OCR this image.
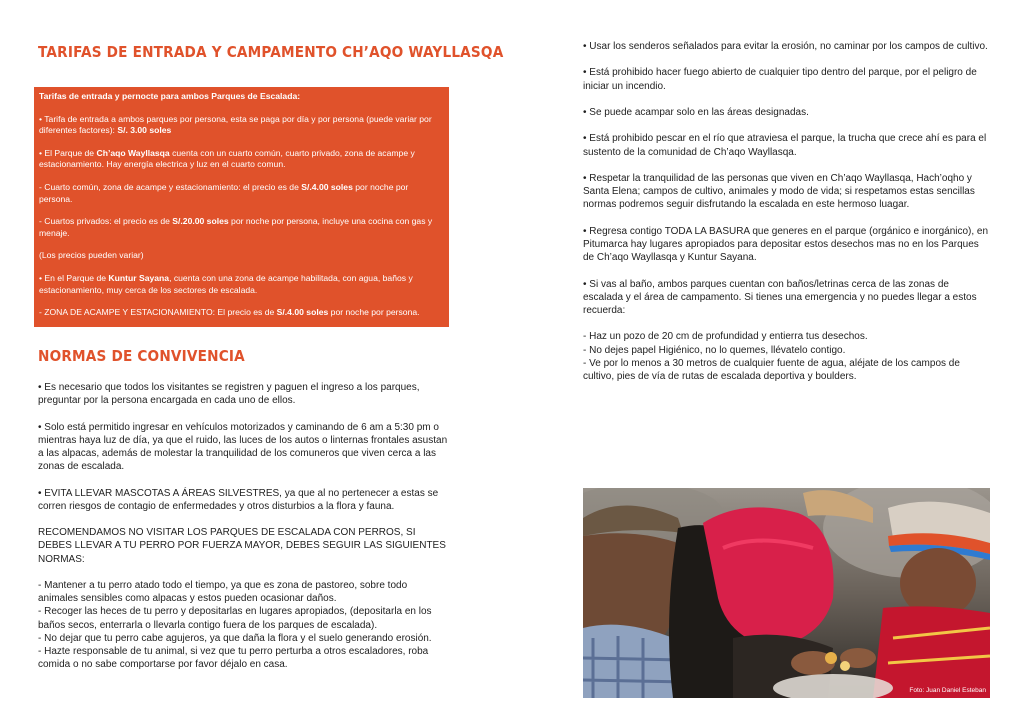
TARIFAS DE ENTRADA Y CAMPAMENTO CH’AQO WAYLLASQA

Tarifas de entrada y pernocte para ambos Parques de Escalada:

• Tarifa de entrada a ambos parques por persona, esta se paga por día y por persona (puede variar por diferentes factores): S/. 3.00 soles

• El Parque de Ch’aqo Wayllasqa cuenta con un cuarto común, cuarto privado, zona de acampe y estacionamiento. Hay energía electrica y luz en el cuarto comun.

- Cuarto común, zona de acampe y estacionamiento: el precio es de S/.4.00 soles por noche por persona.

- Cuartos privados: el precio es de S/.20.00 soles por noche por persona, incluye una cocina con gas y menaje.

(Los precios pueden variar)

• En el Parque de Kuntur Sayana, cuenta con una zona de acampe habilitada, con agua, baños y estacionamiento, muy cerca de los sectores de escalada.

- ZONA DE ACAMPE Y ESTACIONAMIENTO: El precio es de S/.4.00 soles por noche por persona.

NORMAS DE CONVIVENCIA

• Es necesario que todos los visitantes se registren y paguen el ingreso a los parques, preguntar por la persona encargada en cada uno de ellos.

• Solo está permitido ingresar en vehículos motorizados y caminando de 6 am a 5:30 pm o mientras haya luz de día, ya que el ruido, las luces de los autos o linternas frontales asustan a las alpacas, además de molestar la tranquilidad de los comuneros que viven cerca a las zonas de escalada.

• EVITA LLEVAR MASCOTAS A ÁREAS SILVESTRES, ya que al no pertenecer a estas se corren riesgos de contagio de enfermedades y otros disturbios a la flora y fauna.

RECOMENDAMOS NO VISITAR LOS PARQUES DE ESCALADA CON PERROS, SI DEBES LLEVAR A TU PERRO POR FUERZA MAYOR, DEBES SEGUIR LAS SIGUIENTES NORMAS:

- Mantener a tu perro atado todo el tiempo, ya que es zona de pastoreo, sobre todo animales sensibles como alpacas y estos pueden ocasionar daños.

- Recoger las heces de tu perro y depositarlas en lugares apropiados, (depositarla en los baños secos, enterrarla o llevarla contigo fuera de los parques de escalada).

- No dejar que tu perro cabe agujeros, ya que daña la flora y el suelo generando erosión.

- Hazte responsable de tu animal, si vez que tu perro perturba a otros escaladores, roba comida o no sabe comportarse por favor déjalo en casa.

• Usar los senderos señalados para evitar la erosión, no caminar por los campos de cultivo.

• Está prohibido hacer fuego abierto de cualquier tipo dentro del parque, por el peligro de iniciar un incendio.

• Se puede acampar solo en las áreas designadas.

• Está prohibido pescar en el río que atraviesa el parque, la trucha que crece ahí es para el sustento de la comunidad de Ch’aqo Wayllasqa.

• Respetar la tranquilidad de las personas que viven en Ch’aqo Wayllasqa, Hach’oqho y Santa Elena; campos de cultivo, animales y modo de vida; si respetamos estas sencillas normas podremos seguir disfrutando la escalada en este hermoso luagar.

• Regresa contigo TODA LA BASURA que generes en el parque (orgánico e inorgánico), en Pitumarca hay lugares apropiados para depositar estos desechos mas no en los Parques de Ch’aqo Wayllasqa y Kuntur Sayana.

• Si vas al baño, ambos parques cuentan con baños/letrinas cerca de las zonas de escalada y el área de campamento. Si tienes una emergencia y no puedes llegar a estos recuerda:

- Haz un pozo de 20 cm de profundidad y entierra tus desechos.

- No dejes papel Higiénico, no lo quemes, llévatelo contigo.

- Ve por lo menos a 30 metros de cualquier fuente de agua, aléjate de los campos de cultivo, pies de vía de rutas de escalada deportiva y boulders.

Foto: Juan Daniel Esteban
